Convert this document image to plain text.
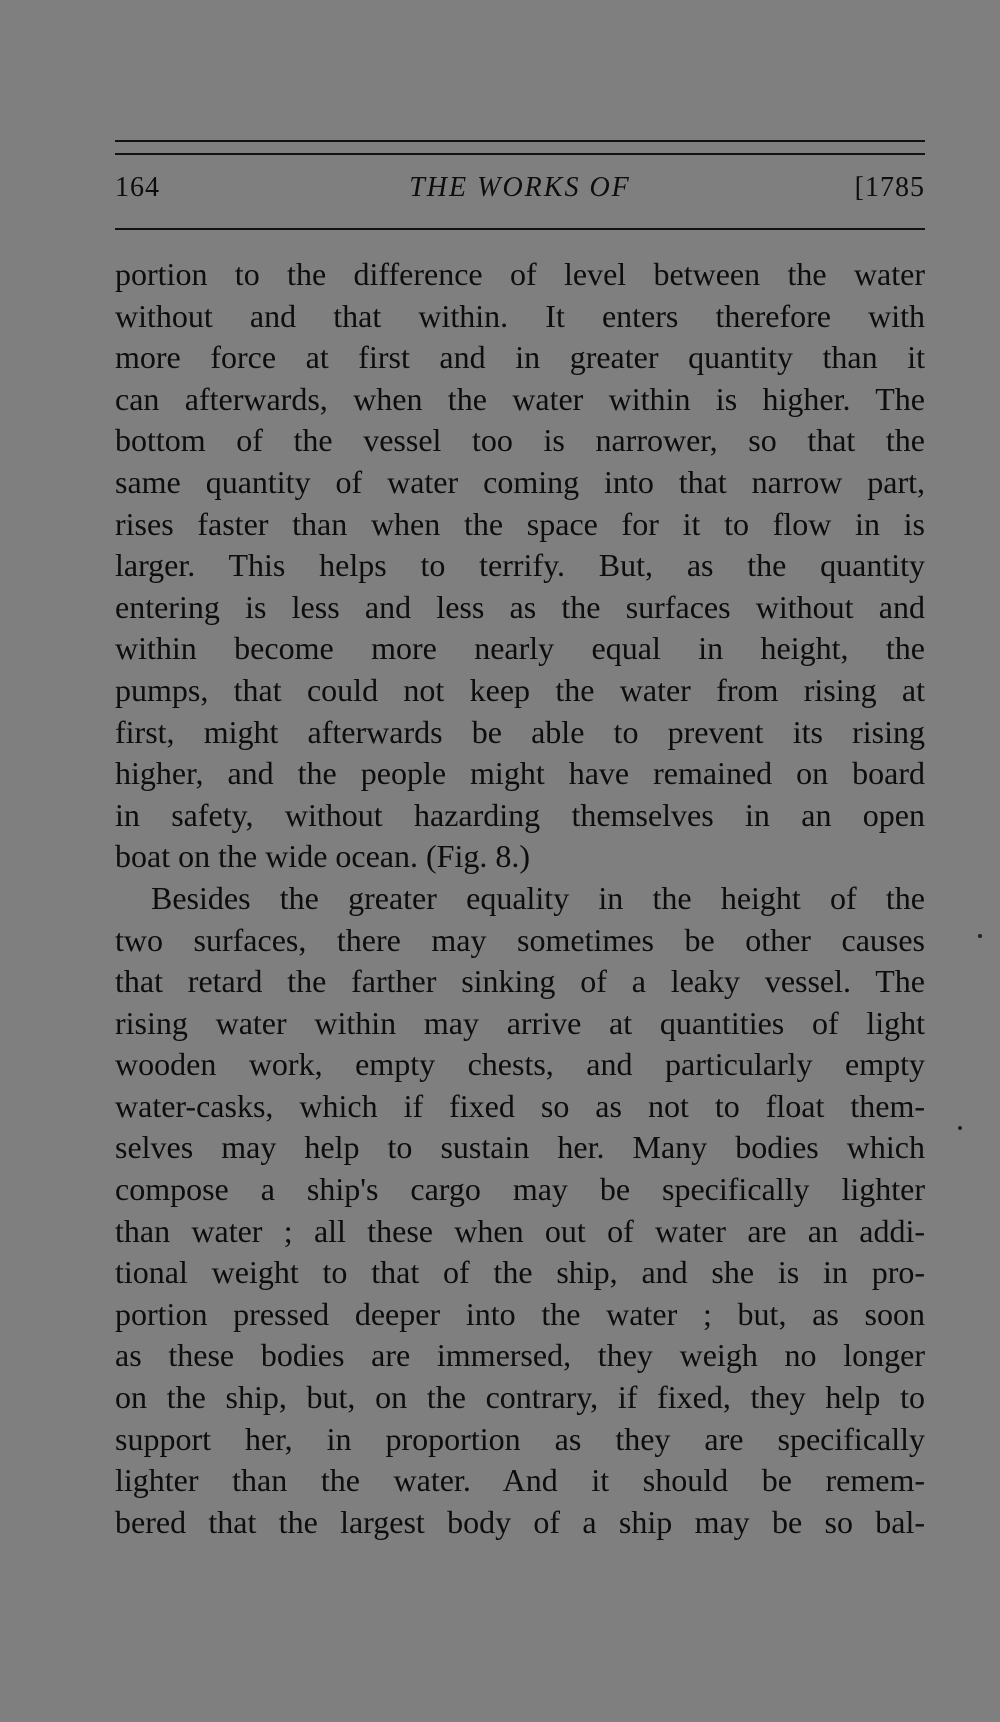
164	THE WORKS OF	[1785

portion to the difference of level between the water

without and that within. It enters therefore with

more force at first and in greater quantity than it

can afterwards, when the water within is higher. The

bottom of the vessel too is narrower, so that the

same quantity of water coming into that narrow part,

rises faster than when the space for it to flow in is

larger. This helps to terrify. But, as the quantity

entering is less and less as the surfaces without and

within become more nearly equal in height, the

pumps, that could not keep the water from rising at

first, might afterwards be able to prevent its rising

higher, and the people might have remained on board

in safety, without hazarding themselves in an open

boat on the wide ocean. (Fig. 8.)

Besides the greater equality in the height of the

two surfaces, there may sometimes be other causes

that retard the farther sinking of a leaky vessel. The

rising water within may arrive at quantities of light

wooden work, empty chests, and particularly empty

water-casks, which if fixed so as not to float them-

selves may help to sustain her. Many bodies which

compose a ship's cargo may be specifically lighter

than water ; all these when out of water are an addi-

tional weight to that of the ship, and she is in pro-

portion pressed deeper into the water ; but, as soon

as these bodies are immersed, they weigh no longer

on the ship, but, on the contrary, if fixed, they help to

support her, in proportion as they are specifically

lighter than the water. And it should be remem-

bered that the largest body of a ship may be so bal-
